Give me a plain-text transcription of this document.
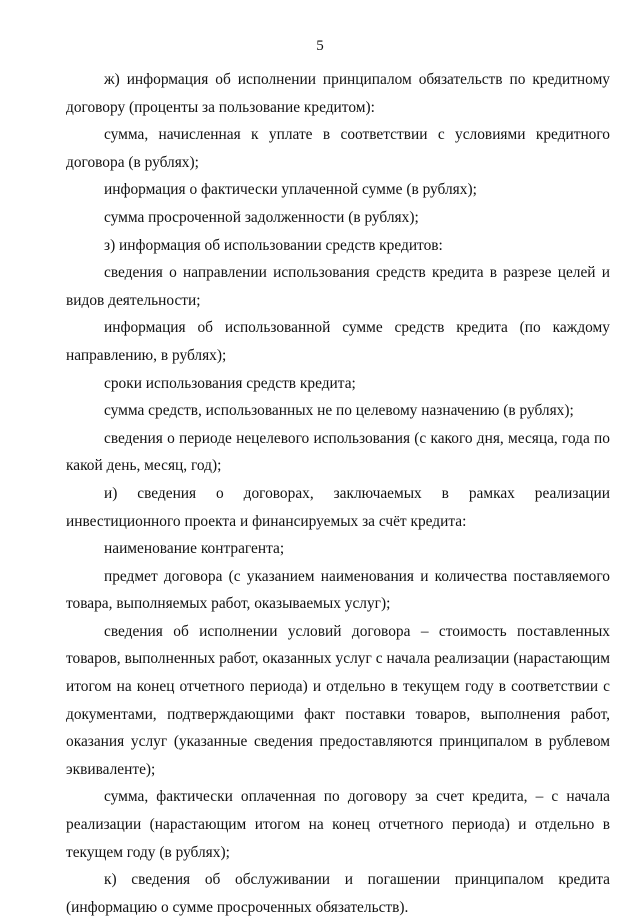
5

ж) информация об исполнении принципалом обязательств по кредитному договору (проценты за пользование кредитом):

сумма, начисленная к уплате в соответствии с условиями кредитного договора (в рублях);

информация о фактически уплаченной сумме (в рублях);

сумма просроченной задолженности (в рублях);

з) информация об использовании средств кредитов:

сведения о направлении использования средств кредита в разрезе целей и видов деятельности;

информация об использованной сумме средств кредита (по каждому направлению, в рублях);

сроки использования средств кредита;

сумма средств, использованных не по целевому назначению (в рублях);

сведения о периоде нецелевого использования (с какого дня, месяца, года по какой день, месяц, год);

и) сведения о договорах, заключаемых в рамках реализации инвестиционного проекта и финансируемых за счёт кредита:

наименование контрагента;

предмет договора (с указанием наименования и количества поставляемого товара, выполняемых работ, оказываемых услуг);

сведения об исполнении условий договора – стоимость поставленных товаров, выполненных работ, оказанных услуг с начала реализации (нарастающим итогом на конец отчетного периода) и отдельно в текущем году в соответствии с документами, подтверждающими факт поставки товаров, выполнения работ, оказания услуг (указанные сведения предоставляются принципалом в рублевом эквиваленте);

сумма, фактически оплаченная по договору за счет кредита, – с начала реализации (нарастающим итогом на конец отчетного периода) и отдельно в текущем году (в рублях);

к) сведения об обслуживании и погашении принципалом кредита (информацию о сумме просроченных обязательств).
